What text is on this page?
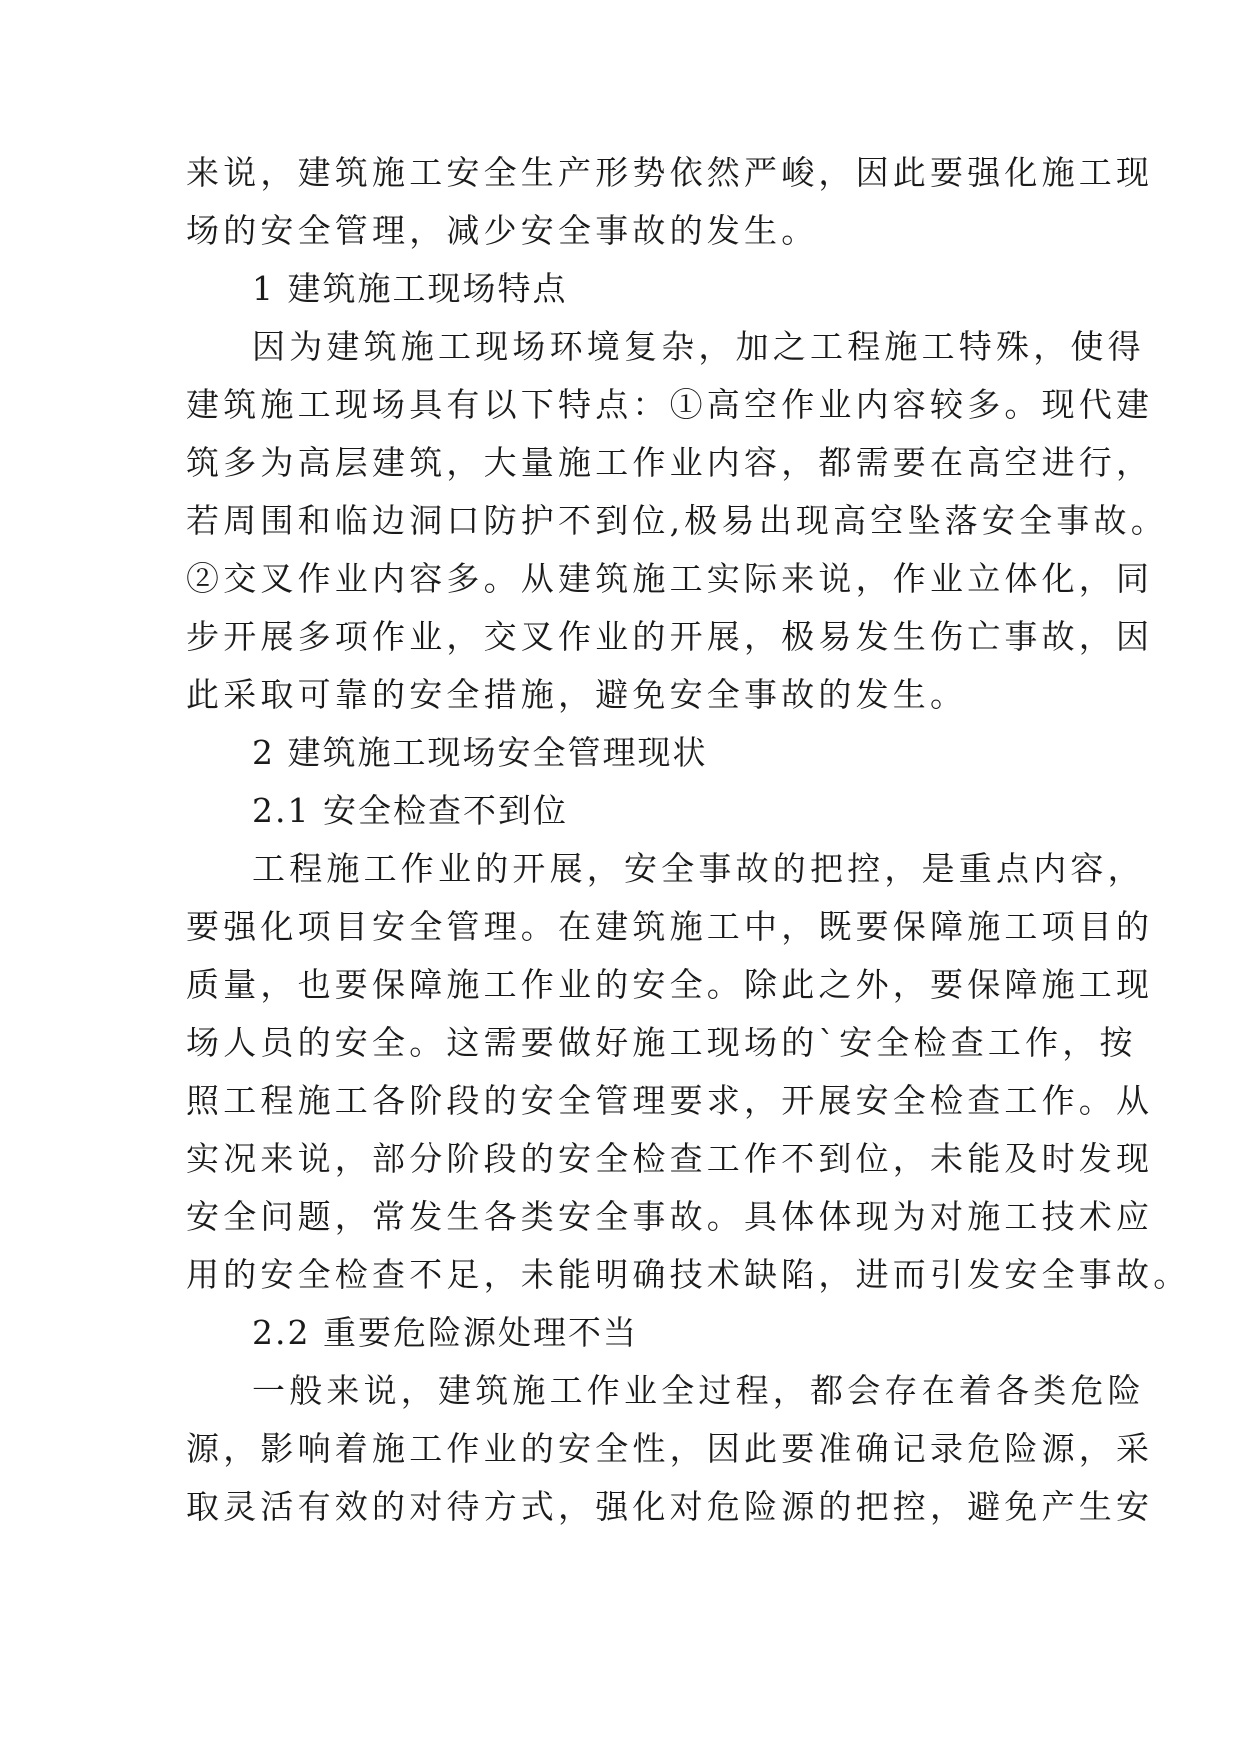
来说，建筑施工安全生产形势依然严峻，因此要强化施工现
场的安全管理，减少安全事故的发生。
1 建筑施工现场特点
因为建筑施工现场环境复杂，加之工程施工特殊，使得
建筑施工现场具有以下特点：①高空作业内容较多。现代建
筑多为高层建筑，大量施工作业内容，都需要在高空进行，
若周围和临边洞口防护不到位,极易出现高空坠落安全事故。
②交叉作业内容多。从建筑施工实际来说，作业立体化，同
步开展多项作业，交叉作业的开展，极易发生伤亡事故，因
此采取可靠的安全措施，避免安全事故的发生。
2 建筑施工现场安全管理现状
2.1 安全检查不到位
工程施工作业的开展，安全事故的把控，是重点内容，
要强化项目安全管理。在建筑施工中，既要保障施工项目的
质量，也要保障施工作业的安全。除此之外，要保障施工现
场人员的安全。这需要做好施工现场的`安全检查工作，按
照工程施工各阶段的安全管理要求，开展安全检查工作。从
实况来说，部分阶段的安全检查工作不到位，未能及时发现
安全问题，常发生各类安全事故。具体体现为对施工技术应
用的安全检查不足，未能明确技术缺陷，进而引发安全事故。
2.2 重要危险源处理不当
一般来说，建筑施工作业全过程，都会存在着各类危险
源，影响着施工作业的安全性，因此要准确记录危险源，采
取灵活有效的对待方式，强化对危险源的把控，避免产生安
